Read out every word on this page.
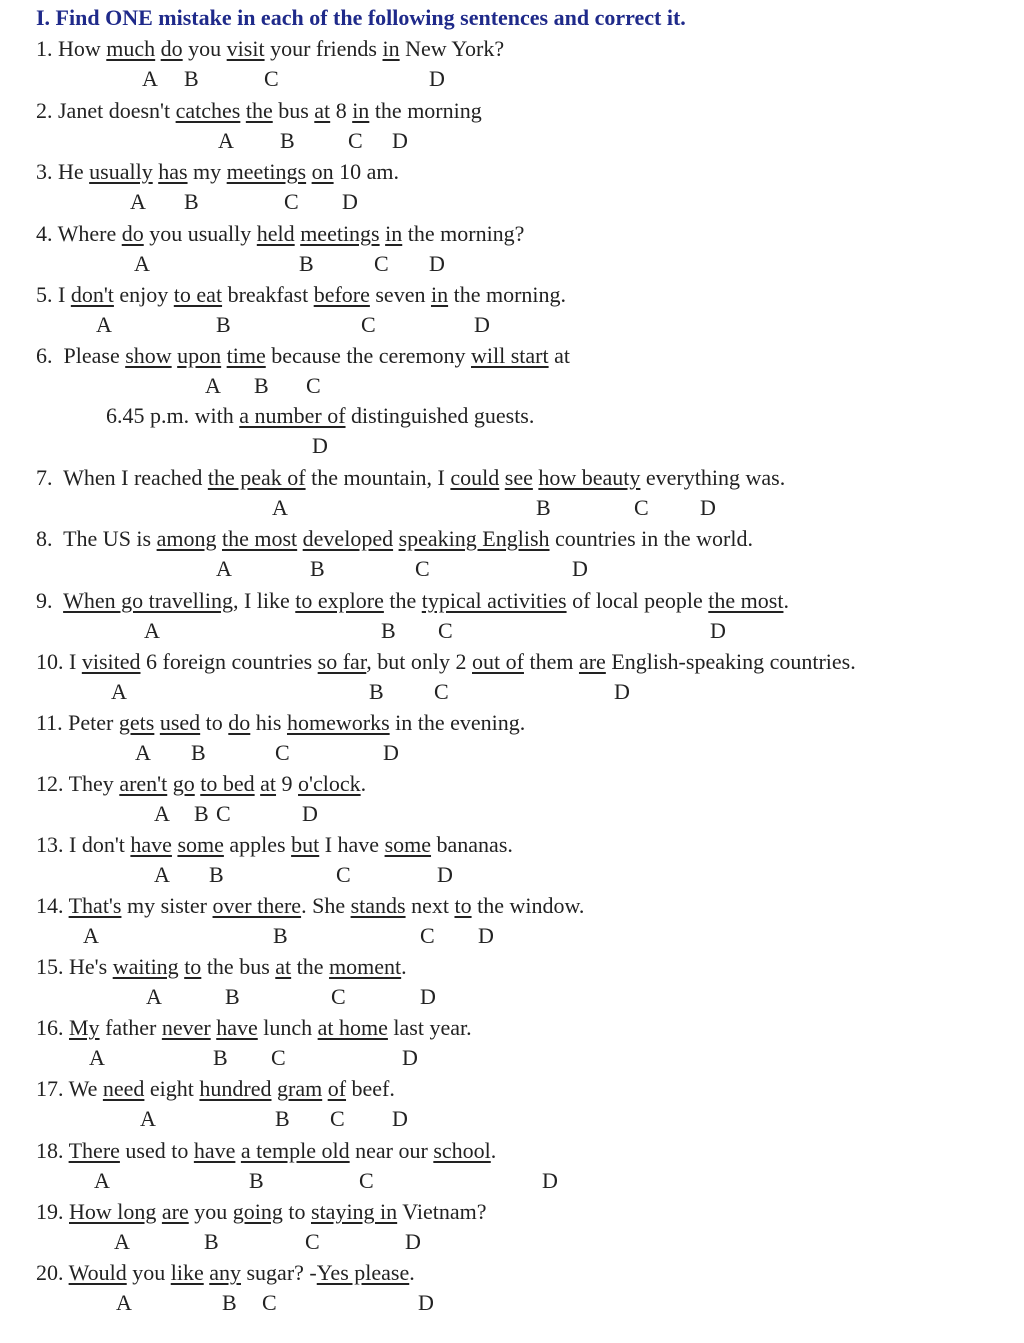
I. Find ONE mistake in each of the following sentences and correct it.
1. How much do you visit your friends in New York?
A B	C	D
2. Janet doesn't catches the bus at 8 in the morning
A B C D
3. He usually has my meetings on 10 am.
A B	C D
4. Where do you usually held meetings in the morning?
A	B	C D
5. I don't enjoy to eat breakfast before seven in the morning.
A	B	C	D
6.  Please show upon time because the ceremony will start at
A B C
6.45 p.m. with a number of distinguished guests.
D
7.  When I reached the peak of the mountain, I could see how beauty everything was.
A	B	C D
8.  The US is among the most developed speaking English countries in the world.
A	B	C	D
9.  When go travelling, I like to explore the typical activities of local people the most.
A	B C	D
10. I visited 6 foreign countries so far, but only 2 out of them are English-speaking countries.
A	B C	D
11. Peter gets used to do his homeworks in the evening.
A B	C	D
12. They aren't go to bed at 9 o'clock.
A B C	D
13. I don't have some apples but I have some bananas.
A B	C	D
14. That's my sister over there. She stands next to the window.
A	B	C D
15. He's waiting to the bus at the moment.
A	B	C	D
16. My father never have lunch at home last year.
A	B C	D
17. We need eight hundred gram of beef.
A	B C D
18. There used to have a temple old near our school.
A	B	C	D
19. How long are you going to staying in Vietnam?
A	B	C	D
20. Would you like any sugar? -Yes please.
A	B C	D
